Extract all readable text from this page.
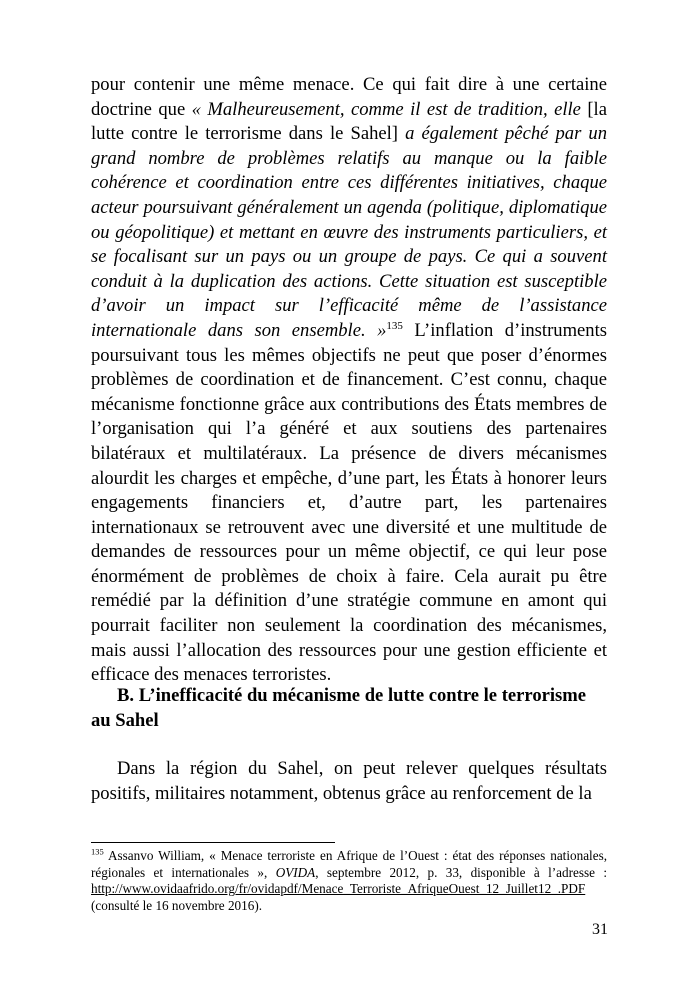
pour contenir une même menace. Ce qui fait dire à une certaine doctrine que « Malheureusement, comme il est de tradition, elle [la lutte contre le terrorisme dans le Sahel] a également pêché par un grand nombre de problèmes relatifs au manque ou la faible cohérence et coordination entre ces différentes initiatives, chaque acteur poursuivant généralement un agenda (politique, diplomatique ou géopolitique) et mettant en œuvre des instruments particuliers, et se focalisant sur un pays ou un groupe de pays. Ce qui a souvent conduit à la duplication des actions. Cette situation est susceptible d’avoir un impact sur l’efficacité même de l’assistance internationale dans son ensemble. »$^{135}$ L’inflation d’instruments poursuivant tous les mêmes objectifs ne peut que poser d’énormes problèmes de coordination et de financement. C’est connu, chaque mécanisme fonctionne grâce aux contributions des États membres de l’organisation qui l’a généré et aux soutiens des partenaires bilatéraux et multilatéraux. La présence de divers mécanismes alourdit les charges et empêche, d’une part, les États à honorer leurs engagements financiers et, d’autre part, les partenaires internationaux se retrouvent avec une diversité et une multitude de demandes de ressources pour un même objectif, ce qui leur pose énormément de problèmes de choix à faire. Cela aurait pu être remédié par la définition d’une stratégie commune en amont qui pourrait faciliter non seulement la coordination des mécanismes, mais aussi l’allocation des ressources pour une gestion efficiente et efficace des menaces terroristes.

B. L’inefficacité du mécanisme de lutte contre le terrorisme au Sahel

Dans la région du Sahel, on peut relever quelques résultats positifs, militaires notamment, obtenus grâce au renforcement de la

$^{135}$ Assanvo William, « Menace terroriste en Afrique de l’Ouest : état des réponses nationales, régionales et internationales », OVIDA, septembre 2012, p. 33, disponible à l’adresse : http://www.ovidaafrido.org/fr/ovidapdf/Menace_Terroriste_AfriqueOuest_12_Juillet12_.PDF (consulté le 16 novembre 2016).

31
